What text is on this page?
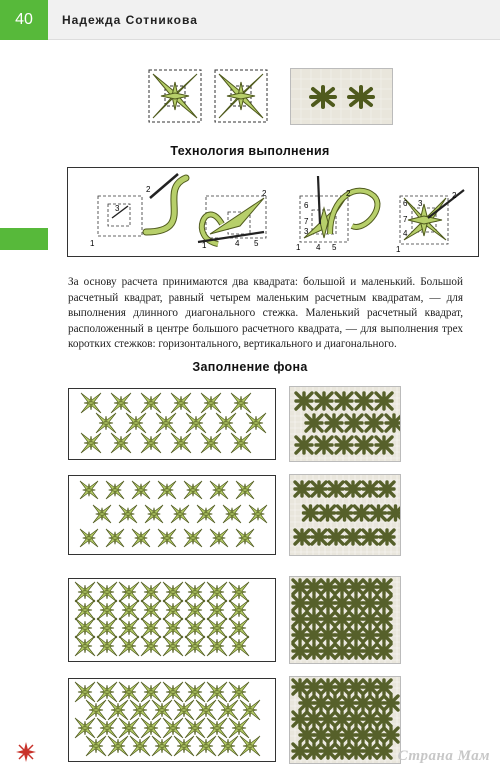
40	Надежда Сотникова
Технология выполнения
3
2
1	4 5
2
1
6
7
3
4 5
2
1
6 3
7
4
2
1
За основу расчета принимаются два квадрата: большой и маленький. Большой расчетный квадрат, равный четырем маленьким расчетным квадратам, — для выполнения длинного диагонального стежка. Маленький расчетный квадрат, расположенный в центре большого расчетного квадрата, — для выполнения трех коротких стежков: горизонтального, вертикального и диагонального.
Заполнение фона
Страна Мам
